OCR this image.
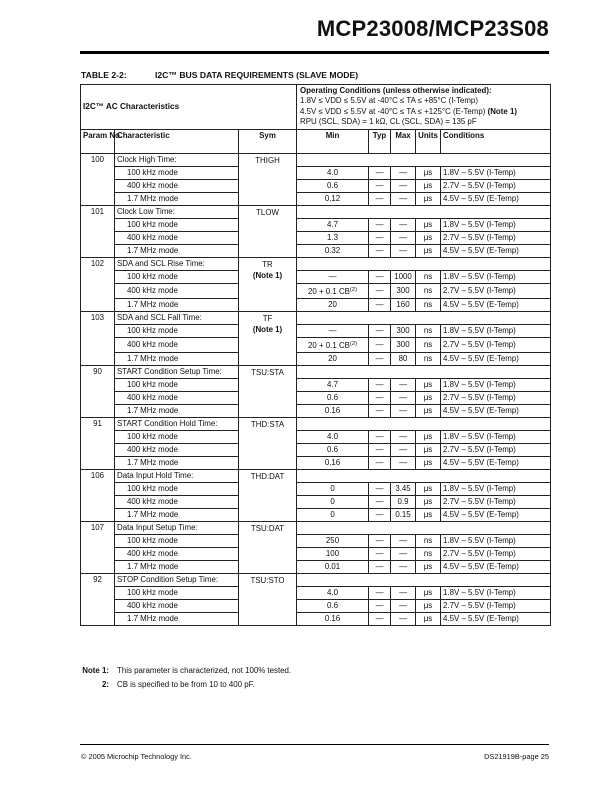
MCP23008/MCP23S08
TABLE 2-2:	I2C™ BUS DATA REQUIREMENTS (SLAVE MODE)
I2C™ AC Characteristics			Operating Conditions (unless otherwise indicated):
1.8V ≤ VDD ≤ 5.5V at -40°C ≤ TA ≤ +85°C (I-Temp)
4.5V ≤ VDD ≤ 5.5V at -40°C ≤ TA ≤ +125°C (E-Temp) (Note 1)
RPU (SCL, SDA) = 1 kΩ, CL (SCL, SDA) = 135 pF				

Param No.	Characteristic	Sym	Min	Typ	Max	Units	Conditions
100	Clock High Time:	THIGH					

	100 kHz mode		4.0	—	—	μs	1.8V – 5.5V (I-Temp)
	400 kHz mode		0.6	—	—	μs	2.7V – 5.5V (I-Temp)
	1.7 MHz mode		0.12	—	—	μs	4.5V – 5.5V (E-Temp)
101	Clock Low Time:	TLOW					

	100 kHz mode		4.7	—	—	μs	1.8V – 5.5V (I-Temp)
	400 kHz mode		1.3	—	—	μs	2.7V – 5.5V (I-Temp)
	1.7 MHz mode		0.32	—	—	μs	4.5V – 5.5V (E-Temp)
102	SDA and SCL Rise Time:	TR
(Note 1)					

	100 kHz mode		—	—	1000	ns	1.8V – 5.5V (I-Temp)
	400 kHz mode		20 + 0.1 CB$^{(2)}$	—	300	ns	2.7V – 5.5V (I-Temp)
	1.7 MHz mode		20	—	160	ns	4.5V – 5.5V (E-Temp)
103	SDA and SCL Fall Time:	TF
(Note 1)					

	100 kHz mode		—	—	300	ns	1.8V – 5.5V (I-Temp)
	400 kHz mode		20 + 0.1 CB$^{(2)}$	—	300	ns	2.7V – 5.5V (I-Temp)
	1.7 MHz mode		20	—	80	ns	4.5V – 5.5V (E-Temp)
90	START Condition Setup Time:	TSU:STA					

	100 kHz mode		4.7	—	—	μs	1.8V – 5.5V (I-Temp)
	400 kHz mode		0.6	—	—	μs	2.7V – 5.5V (I-Temp)
	1.7 MHz mode		0.16	—	—	μs	4.5V – 5.5V (E-Temp)
91	START Condition Hold Time:	THD:STA					

	100 kHz mode		4.0	—	—	μs	1.8V – 5.5V (I-Temp)
	400 kHz mode		0.6	—	—	μs	2.7V – 5.5V (I-Temp)
	1.7 MHz mode		0.16	—	—	μs	4.5V – 5.5V (E-Temp)
106	Data Input Hold Time:	THD:DAT					

	100 kHz mode		0	—	3.45	μs	1.8V – 5.5V (I-Temp)
	400 kHz mode		0	—	0.9	μs	2.7V – 5.5V (I-Temp)
	1.7 MHz mode		0	—	0.15	μs	4.5V – 5.5V (E-Temp)
107	Data Input Setup Time:	TSU:DAT					

	100 kHz mode		250	—	—	ns	1.8V – 5.5V (I-Temp)
	400 kHz mode		100	—	—	ns	2.7V – 5.5V (I-Temp)
	1.7 MHz mode		0.01	—	—	μs	4.5V – 5.5V (E-Temp)
92	STOP Condition Setup Time:	TSU:STO					

	100 kHz mode		4.0	—	—	μs	1.8V – 5.5V (I-Temp)
	400 kHz mode		0.6	—	—	μs	2.7V – 5.5V (I-Temp)
	1.7 MHz mode		0.16	—	—	μs	4.5V – 5.5V (E-Temp)
Note 1:	This parameter is characterized, not 100% tested.
2:	CB is specified to be from 10 to 400 pF.
© 2005 Microchip Technology Inc.	DS21919B-page 25
